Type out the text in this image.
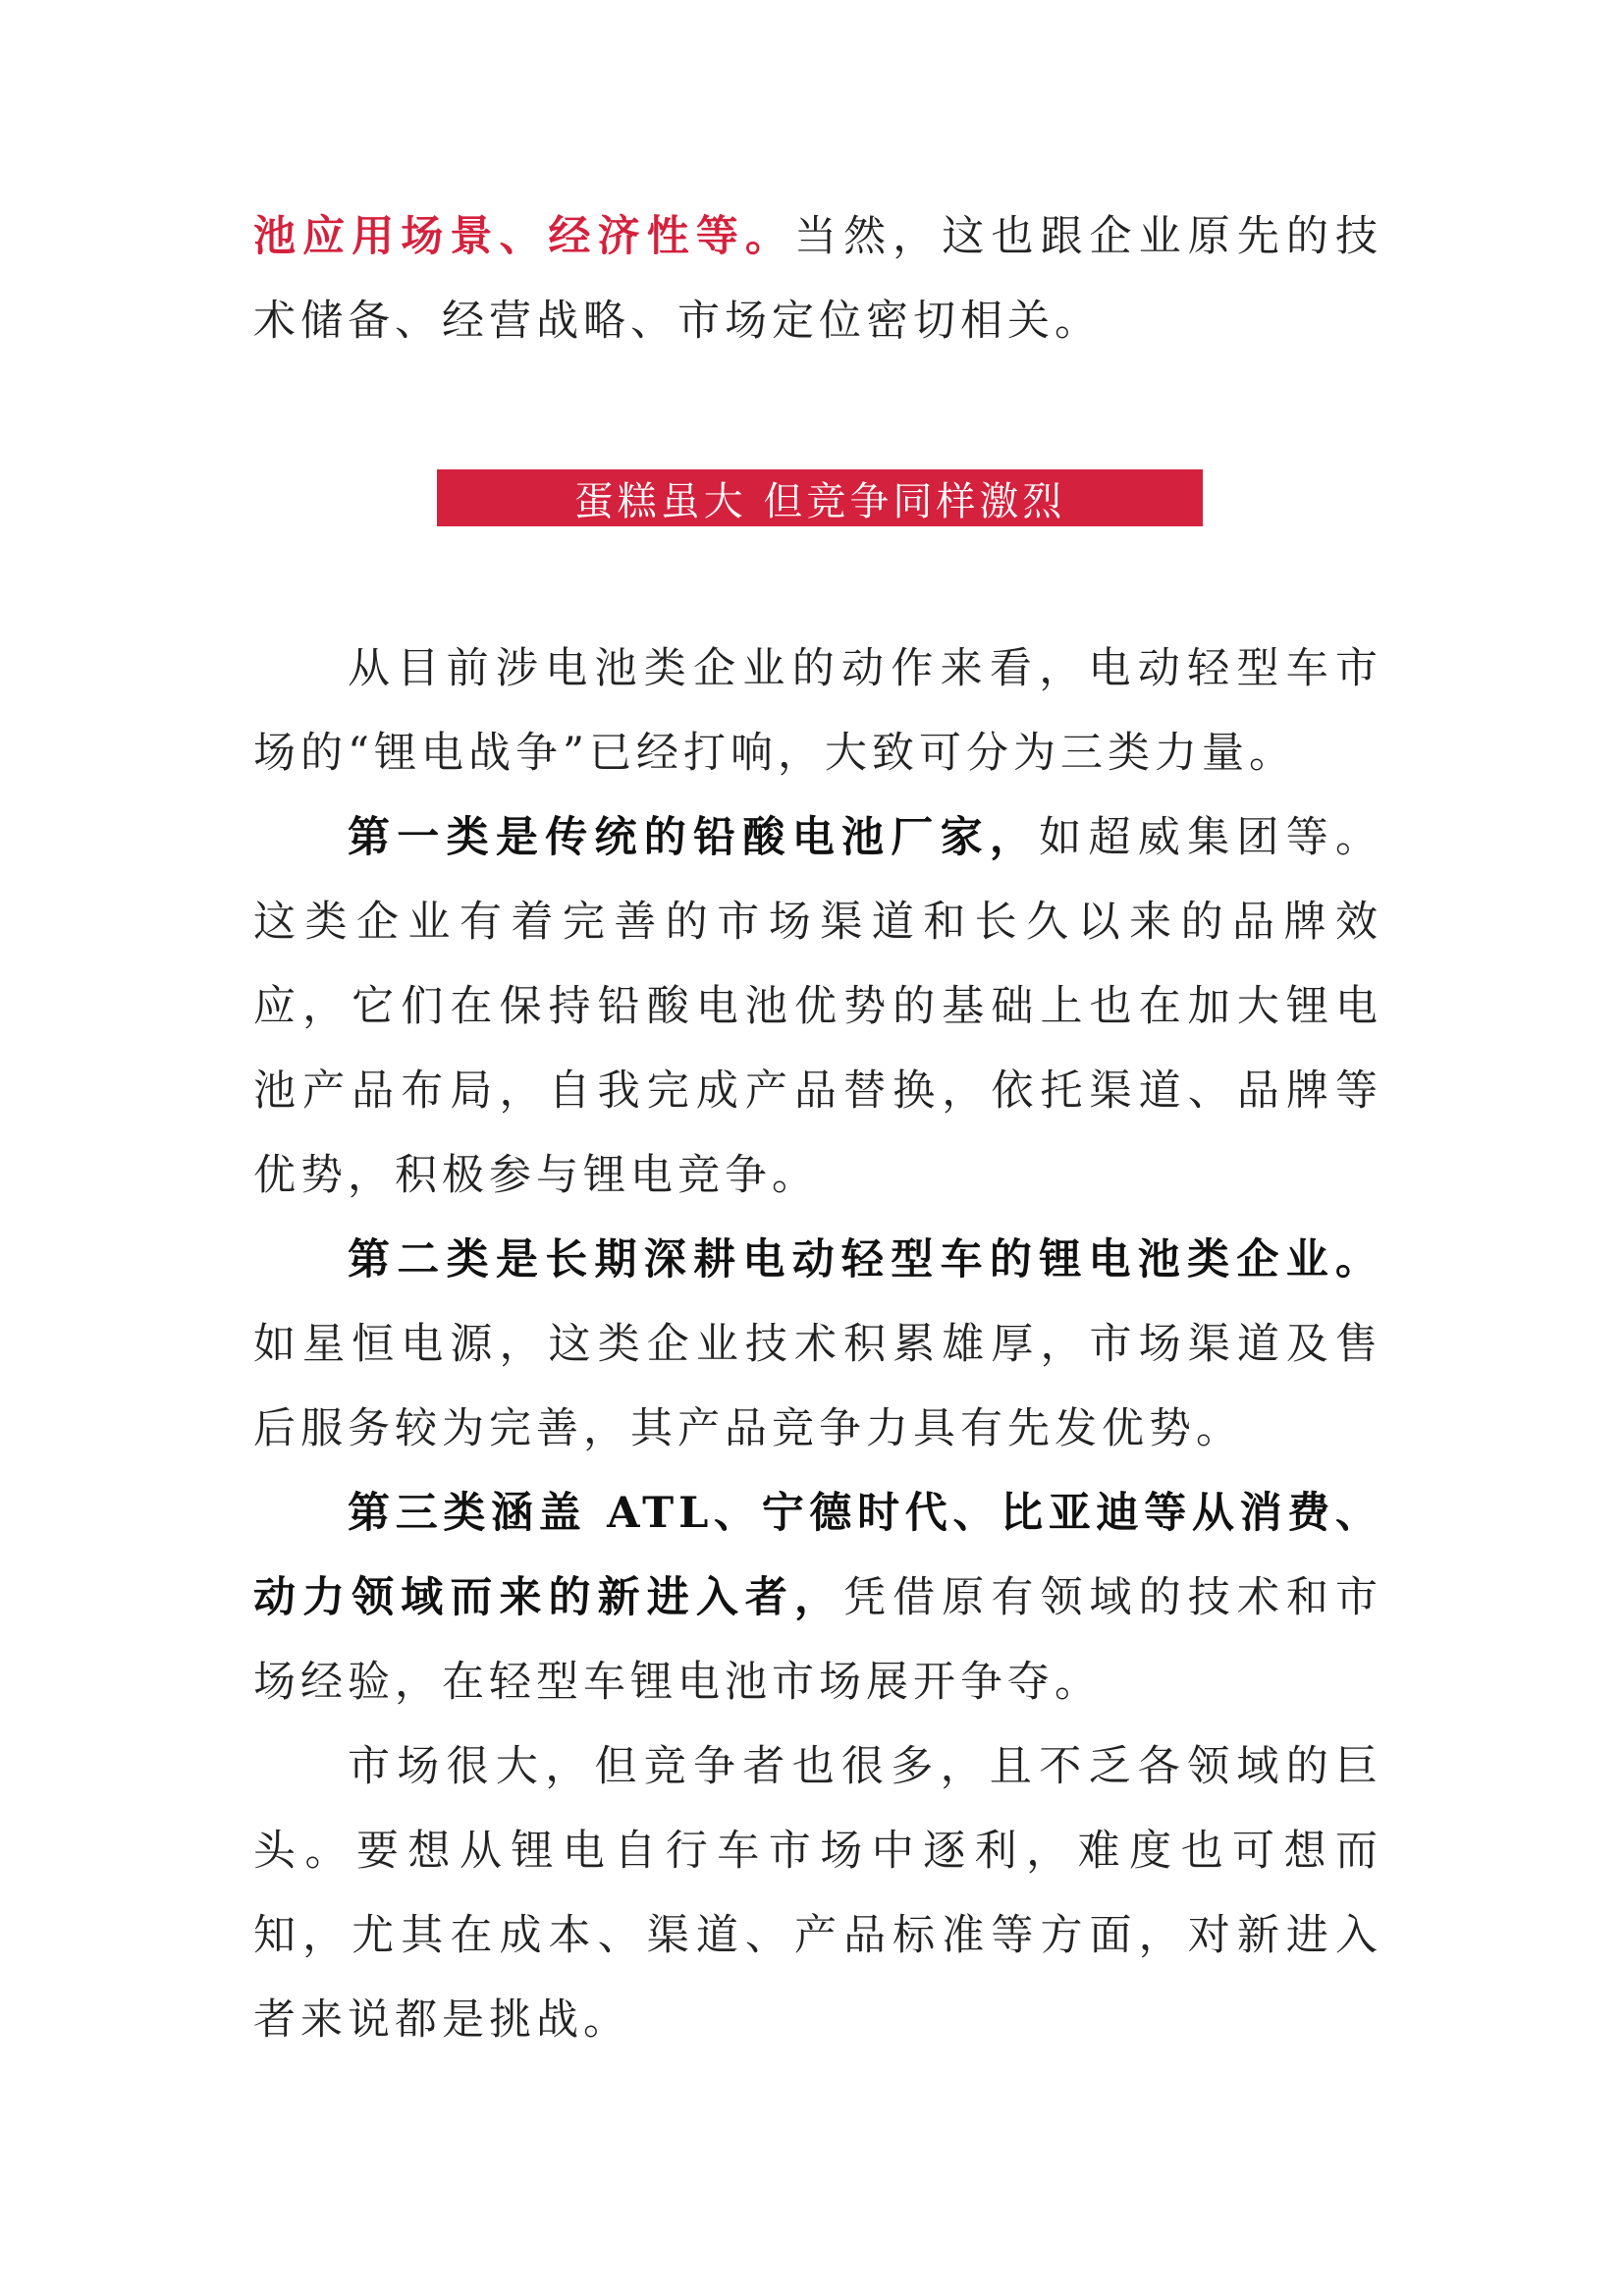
池应用场景、经济性等。当然，这也跟企业原先的技术储备、经营战略、市场定位密切相关。

蛋糕虽大 但竞争同样激烈

从目前涉电池类企业的动作来看，电动轻型车市场的“锂电战争”已经打响，大致可分为三类力量。

第一类是传统的铅酸电池厂家，如超威集团等。这类企业有着完善的市场渠道和长久以来的品牌效应，它们在保持铅酸电池优势的基础上也在加大锂电池产品布局，自我完成产品替换，依托渠道、品牌等优势，积极参与锂电竞争。

第二类是长期深耕电动轻型车的锂电池类企业。如星恒电源，这类企业技术积累雄厚，市场渠道及售后服务较为完善，其产品竞争力具有先发优势。

第三类涵盖 ATL、宁德时代、比亚迪等从消费、动力领域而来的新进入者，凭借原有领域的技术和市场经验，在轻型车锂电池市场展开争夺。

市场很大，但竞争者也很多，且不乏各领域的巨头。要想从锂电自行车市场中逐利，难度也可想而知，尤其在成本、渠道、产品标准等方面，对新进入者来说都是挑战。
